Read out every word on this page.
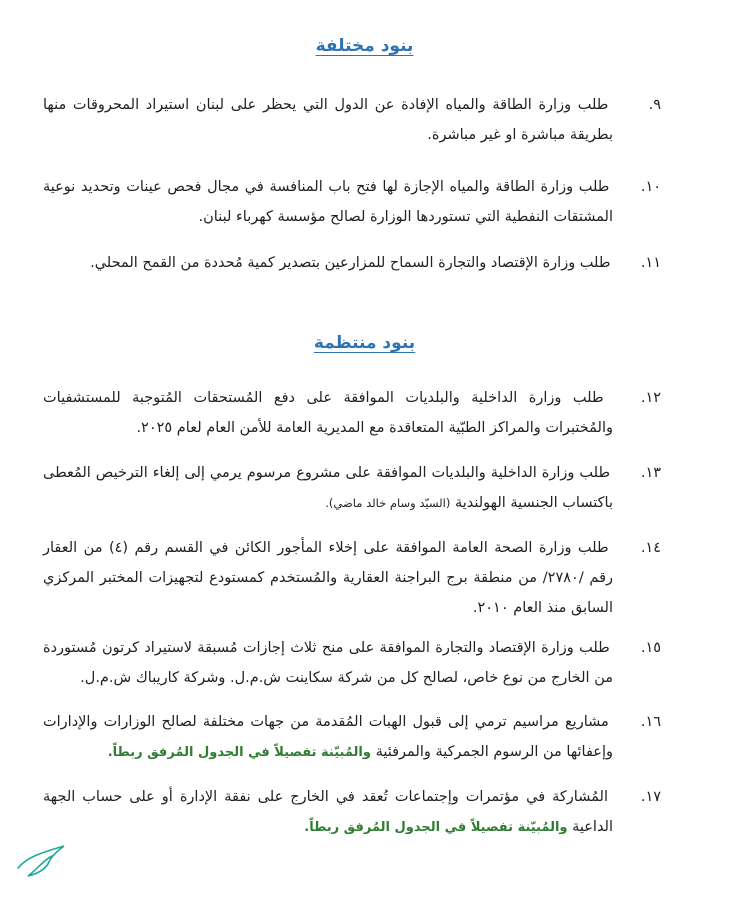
بنود مختلفة
٩. طلب وزارة الطاقة والمياه الإفادة عن الدول التي يحظر على لبنان استيراد المحروقات منها بطريقة مباشرة او غير مباشرة.
١٠. طلب وزارة الطاقة والمياه الإجازة لها فتح باب المنافسة في مجال فحص عينات وتحديد نوعية المشتقات النفطية التي تستوردها الوزارة لصالح مؤسسة كهرباء لبنان.
١١. طلب وزارة الإقتصاد والتجارة السماح للمزارعين بتصدير كمية مُحددة من القمح المحلي.
بنود منتظمة
١٢. طلب وزارة الداخلية والبلديات الموافقة على دفع المُستحقات المُتوجبة للمستشفيات والمُختبرات والمراكز الطبّية المتعاقدة مع المديرية العامة للأمن العام لعام ٢٠٢٥.
١٣. طلب وزارة الداخلية والبلديات الموافقة على مشروع مرسوم يرمي إلى إلغاء الترخيص المُعطى باكتساب الجنسية الهولندية (السيّد وسام خالد ماضي).
١٤. طلب وزارة الصحة العامة الموافقة على إخلاء المأجور الكائن في القسم رقم (٤) من العقار رقم /٢٧٨٠/ من منطقة برج البراجنة العقارية والمُستخدم كمستودع لتجهيزات المختبر المركزي السابق منذ العام ٢٠١٠.
١٥. طلب وزارة الإقتصاد والتجارة الموافقة على منح ثلاث إجازات مُسبقة لاستيراد كرتون مُستوردة من الخارج من نوع خاص، لصالح كل من شركة سكاينت ش.م.ل. وشركة كاريباك ش.م.ل.
١٦. مشاريع مراسيم ترمي إلى قبول الهبات المُقدمة من جهات مختلفة لصالح الوزارات والإدارات وإعفائها من الرسوم الجمركية والمرفئية والمُبيّنة تفصيلاً في الجدول المُرفق ربطاً.
١٧. المُشاركة في مؤتمرات وإجتماعات تُعقد في الخارج على نفقة الإدارة أو على حساب الجهة الداعية والمُبيّنة تفصيلاً في الجدول المُرفق ربطاً.
